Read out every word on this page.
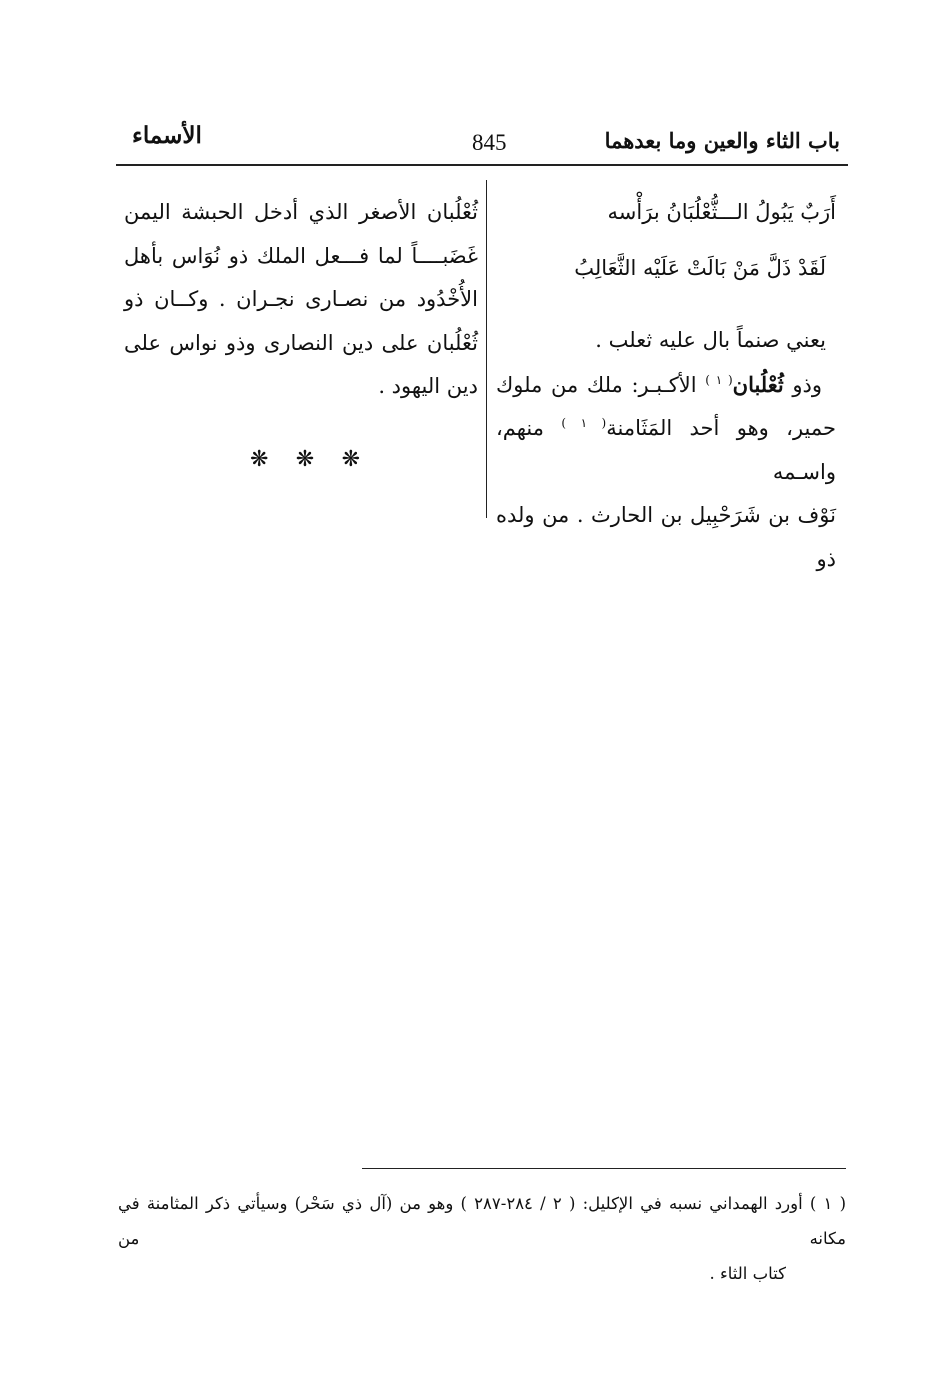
باب الثاء والعين وما بعدهما
845
الأسماء

أَرَبٌ يَبُولُ الـــثُّعْلُبَانُ برَأْسه

لَقَدْ ذَلَّ مَنْ بَالَتْ عَلَيْه الثَّعَالِبُ

يعني صنماً بال عليه ثعلب .

وذو ثُعْلُبان$^{( ١ )}$ الأكـبـر: ملك من ملوك

حمير، وهو أحد المَثَامنة$^{( ١ )}$ منهم، واسـمه

نَوْف بن شَرَحْبِيل بن الحارث . من ولده ذو

ثُعْلُبان الأصغر الذي أدخل الحبشة اليمن

غَضَبــــاً لما فـــعل الملك ذو نُوَاس بأهل

الأُخْدُود من نصـارى نجـران . وكــان ذو

ثُعْلُبان على دين النصارى وذو نواس على

دين اليهود .

❋ ❋ ❋

( ١ ) أورد الهمداني نسبه في الإكليل: ( ٢ / ٢٨٤-٢٨٧ ) وهو من (آل ذي سَحْر) وسيأتي ذكر المثامنة في مكانه من

كتاب الثاء .
